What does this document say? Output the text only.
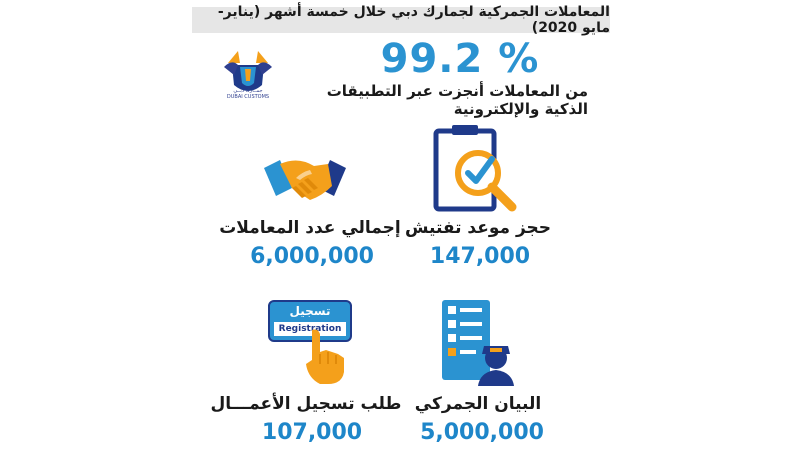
المعاملات الجمركية لجمارك دبي خلال خمسة أشهر (يناير-مايو 2020)
جمــارك دبــي
DUBAI CUSTOMS
99.2 %
من المعاملات أنجزت عبر التطبيقات الذكية والإلكترونية
إجمالي عدد المعاملات
6,000,000
حجز موعد تفتيش
147,000
تسجيل
Registration
طلب تسجيل الأعمـــال
107,000
البيان الجمركي
5,000,000
